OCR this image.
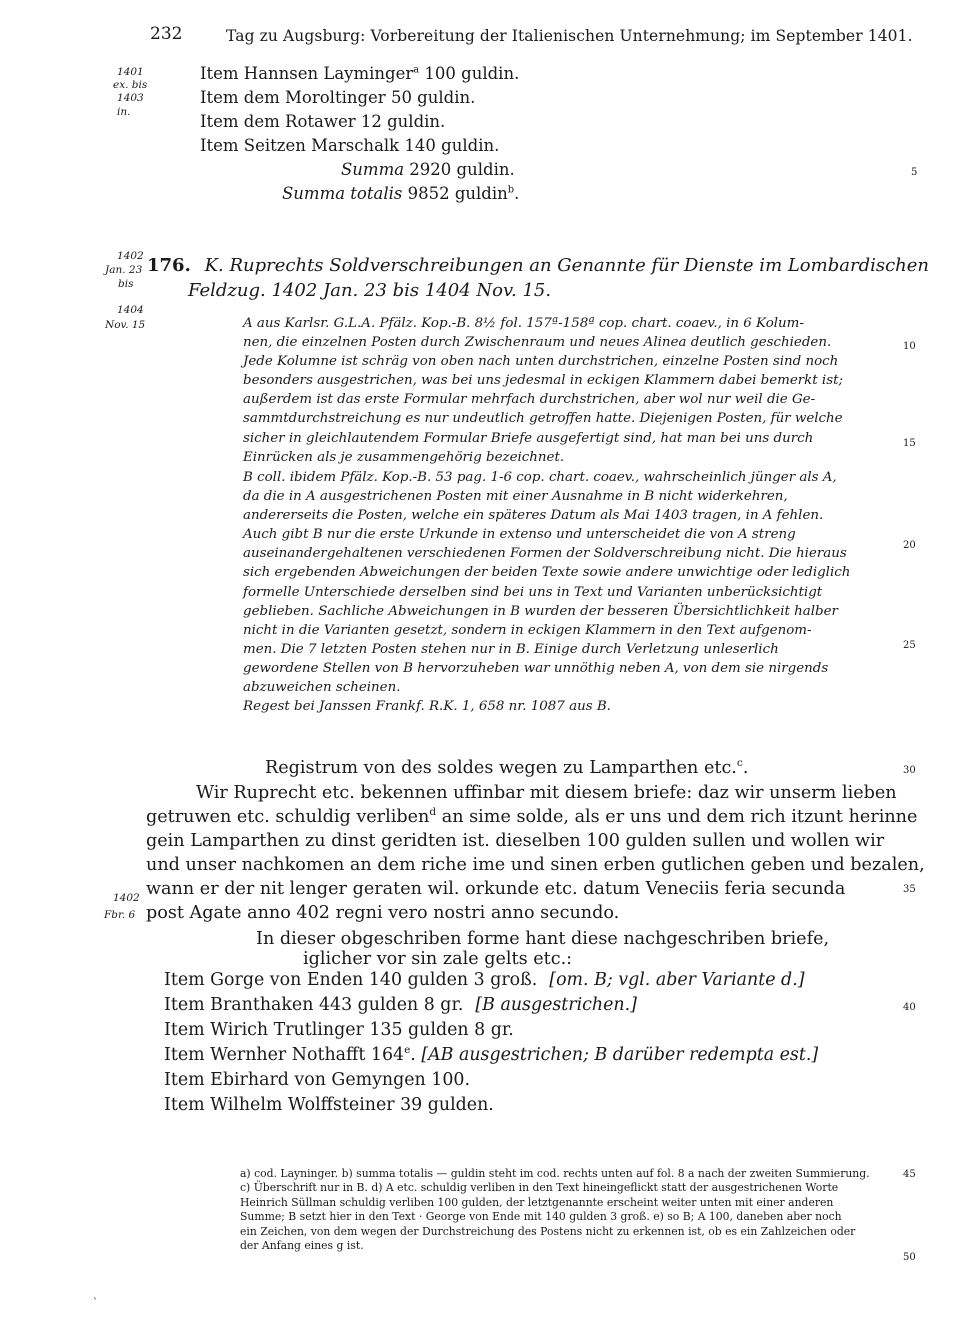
232	Tag zu Augsburg: Vorbereitung der Italienischen Unternehmung; im September 1401.
1401
ex. bis
1403
in.
Item Hannsen Layminger$^a$ 100 guldin.
Item dem Moroltinger 50 guldin.
Item dem Rotawer 12 guldin.
Item Seitzen Marschalk 140 guldin.
Summa 2920 guldin.
Summa totalis 9852 guldin$^b$.
5
10
15
20
25
30
35
40
45
50
1402
Jan. 23
bis
1404
Nov. 15
176. K. Ruprechts Soldverschreibungen an Genannte für Dienste im Lombardischen
Feldzug. 1402 Jan. 23 bis 1404 Nov. 15.
A aus Karlsr. G.L.A. Pfälz. Kop.-B. 8½ fol. 157ª-158ª cop. chart. coaev., in 6 Kolum-
nen, die einzelnen Posten durch Zwischenraum und neues Alinea deutlich geschieden.
Jede Kolumne ist schräg von oben nach unten durchstrichen, einzelne Posten sind noch
besonders ausgestrichen, was bei uns jedesmal in eckigen Klammern dabei bemerkt ist;
außerdem ist das erste Formular mehrfach durchstrichen, aber wol nur weil die Ge-
sammtdurchstreichung es nur undeutlich getroffen hatte. Diejenigen Posten, für welche
sicher in gleichlautendem Formular Briefe ausgefertigt sind, hat man bei uns durch
Einrücken als je zusammengehörig bezeichnet.
B coll. ibidem Pfälz. Kop.-B. 53 pag. 1-6 cop. chart. coaev., wahrscheinlich jünger als A,
da die in A ausgestrichenen Posten mit einer Ausnahme in B nicht widerkehren,
andererseits die Posten, welche ein späteres Datum als Mai 1403 tragen, in A fehlen.
Auch gibt B nur die erste Urkunde in extenso und unterscheidet die von A streng
auseinandergehaltenen verschiedenen Formen der Soldverschreibung nicht. Die hieraus
sich ergebenden Abweichungen der beiden Texte sowie andere unwichtige oder lediglich
formelle Unterschiede derselben sind bei uns in Text und Varianten unberücksichtigt
geblieben. Sachliche Abweichungen in B wurden der besseren Übersichtlichkeit halber
nicht in die Varianten gesetzt, sondern in eckigen Klammern in den Text aufgenom-
men. Die 7 letzten Posten stehen nur in B. Einige durch Verletzung unleserlich
gewordene Stellen von B hervorzuheben war unnöthig neben A, von dem sie nirgends
abzuweichen scheinen.
Regest bei Janssen Frankf. R.K. 1, 658 nr. 1087 aus B.
Registrum von des soldes wegen zu Lamparthen etc.$^c$.
Wir Ruprecht etc. bekennen uffinbar mit diesem briefe: daz wir unserm lieben
getruwen etc. schuldig verliben$^d$ an sime solde, als er uns und dem rich itzunt herinne
gein Lamparthen zu dinst geridten ist. dieselben 100 gulden sullen und wollen wir
und unser nachkomen an dem riche ime und sinen erben gutlichen geben und bezalen,
wann er der nit lenger geraten wil. orkunde etc. datum Veneciis feria secunda
post Agate anno 402 regni vero nostri anno secundo.
1402
Fbr. 6
In dieser obgeschriben forme hant diese nachgeschriben briefe,
iglicher vor sin zale gelts etc.:
Item Gorge von Enden 140 gulden 3 groß. [om. B; vgl. aber Variante d.]
Item Branthaken 443 gulden 8 gr. [B ausgestrichen.]
Item Wirich Trutlinger 135 gulden 8 gr.
Item Wernher Nothafft 164e. [AB ausgestrichen; B darüber redempta est.]
Item Ebirhard von Gemyngen 100.
Item Wilhelm Wolffsteiner 39 gulden.
a) cod. Layninger. b) summa totalis — guldin steht im cod. rechts unten auf fol. 8 a nach der zweiten Summierung.
c) Überschrift nur in B. d) A etc. schuldig verliben in den Text hineingeflickt statt der ausgestrichenen Worte
Heinrich Süllman schuldig verliben 100 gulden, der letztgenannte erscheint weiter unten mit einer anderen
Summe; B setzt hier in den Text · George von Ende mit 140 gulden 3 groß. e) so B; A 100, daneben aber noch
ein Zeichen, von dem wegen der Durchstreichung des Postens nicht zu erkennen ist, ob es ein Zahlzeichen oder
der Anfang eines g ist.
`
